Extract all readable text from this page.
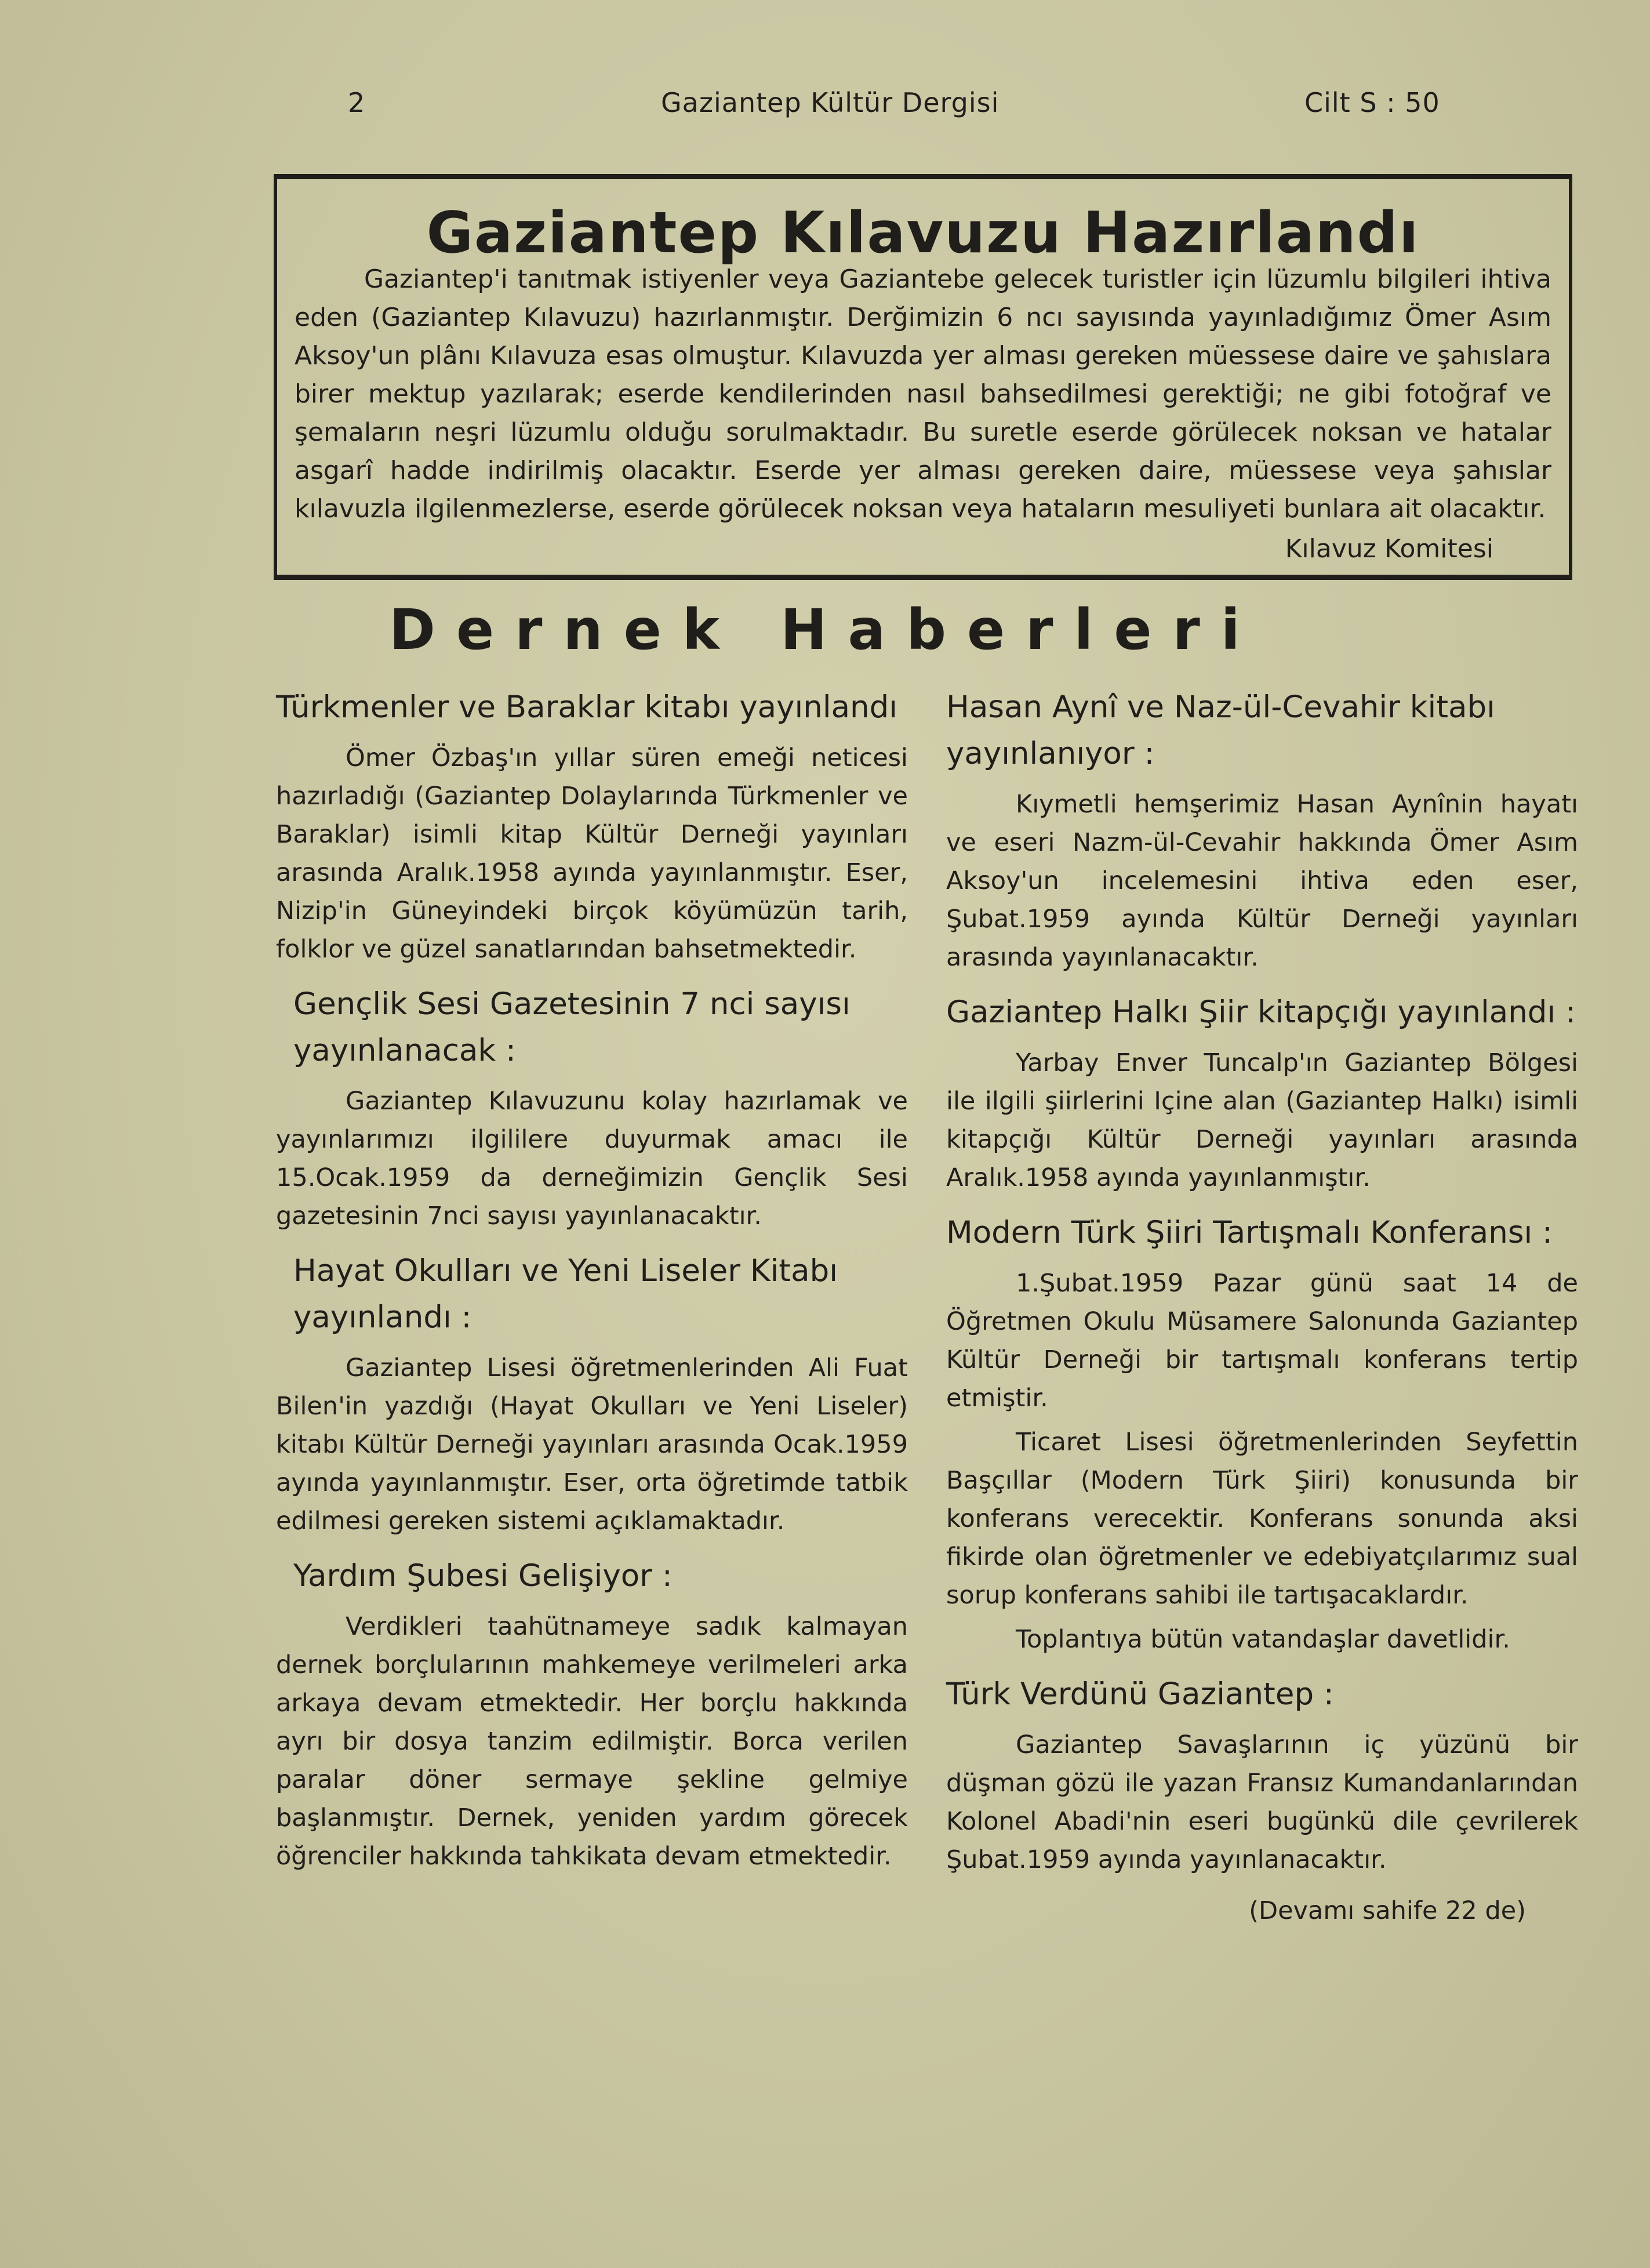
2	Gaziantep Kültür Dergisi	Cilt S : 50
Gaziantep Kılavuzu Hazırlandı

Gaziantep'i tanıtmak istiyenler veya Gaziantebe gelecek turistler için lüzumlu bilgileri ihtiva eden (Gaziantep Kılavuzu) hazırlanmıştır. Derğimizin 6 ncı sayısında yayınladığımız Ömer Asım Aksoy'un plânı Kılavuza esas olmuştur. Kılavuzda yer alması gereken müessese daire ve şahıslara birer mektup yazılarak; eserde kendilerinden nasıl bahsedilmesi gerektiği; ne gibi fotoğraf ve şemaların neşri lüzumlu olduğu sorulmaktadır. Bu suretle eserde görülecek noksan ve hatalar asgarî hadde indirilmiş olacaktır. Eserde yer alması gereken daire, müessese veya şahıslar kılavuzla ilgilenmezlerse, eserde görülecek noksan veya hataların mesuliyeti bunlara ait olacaktır.

Kılavuz Komitesi
Dernek Haberleri
Türkmenler ve Baraklar kitabı yayınlandı

Ömer Özbaş'ın yıllar süren emeği neticesi hazırladığı (Gaziantep Dolaylarında Türkmenler ve Baraklar) isimli kitap Kültür Derneği yayınları arasında Aralık.1958 ayında yayınlanmıştır. Eser, Nizip'in Güneyindeki birçok köyümüzün tarih, folklor ve güzel sanatlarından bahsetmektedir.

Gençlik Sesi Gazetesinin 7 nci sayısı yayınlanacak :

Gaziantep Kılavuzunu kolay hazırlamak ve yayınlarımızı ilgililere duyurmak amacı ile 15.Ocak.1959 da derneğimizin Gençlik Sesi gazetesinin 7nci sayısı yayınlanacaktır.

Hayat Okulları ve Yeni Liseler Kitabı yayınlandı :

Gaziantep Lisesi öğretmenlerinden Ali Fuat Bilen'in yazdığı (Hayat Okulları ve Yeni Liseler) kitabı Kültür Derneği yayınları arasında Ocak.1959 ayında yayınlanmıştır. Eser, orta öğretimde tatbik edilmesi gereken sistemi açıklamaktadır.

Yardım Şubesi Gelişiyor :

Verdikleri taahütnameye sadık kalmayan dernek borçlularının mahkemeye verilmeleri arka arkaya devam etmektedir. Her borçlu hakkında ayrı bir dosya tanzim edilmiştir. Borca verilen paralar döner sermaye şekline gelmiye başlanmıştır. Dernek, yeniden yardım görecek öğrenciler hakkında tahkikata devam etmektedir.

Hasan Aynî ve Naz-ül-Cevahir kitabı yayınlanıyor :

Kıymetli hemşerimiz Hasan Aynînin hayatı ve eseri Nazm-ül-Cevahir hakkında Ömer Asım Aksoy'un incelemesini ihtiva eden eser, Şubat.1959 ayında Kültür Derneği yayınları arasında yayınlanacaktır.

Gaziantep Halkı Şiir kitapçığı yayınlandı :

Yarbay Enver Tuncalp'ın Gaziantep Bölgesi ile ilgili şiirlerini Içine alan (Gaziantep Halkı) isimli kitapçığı Kültür Derneği yayınları arasında Aralık.1958 ayında yayınlanmıştır.

Modern Türk Şiiri Tartışmalı Konferansı :

1.Şubat.1959 Pazar günü saat 14 de Öğretmen Okulu Müsamere Salonunda Gaziantep Kültür Derneği bir tartışmalı konferans tertip etmiştir.

Ticaret Lisesi öğretmenlerinden Seyfettin Başçıllar (Modern Türk Şiiri) konusunda bir konferans verecektir. Konferans sonunda aksi fikirde olan öğretmenler ve edebiyatçılarımız sual sorup konferans sahibi ile tartışacaklardır.

Toplantıya bütün vatandaşlar davetlidir.

Türk Verdünü Gaziantep :

Gaziantep Savaşlarının iç yüzünü bir düşman gözü ile yazan Fransız Kumandanlarından Kolonel Abadi'nin eseri bugünkü dile çevrilerek Şubat.1959 ayında yayınlanacaktır.

(Devamı sahife 22 de)
